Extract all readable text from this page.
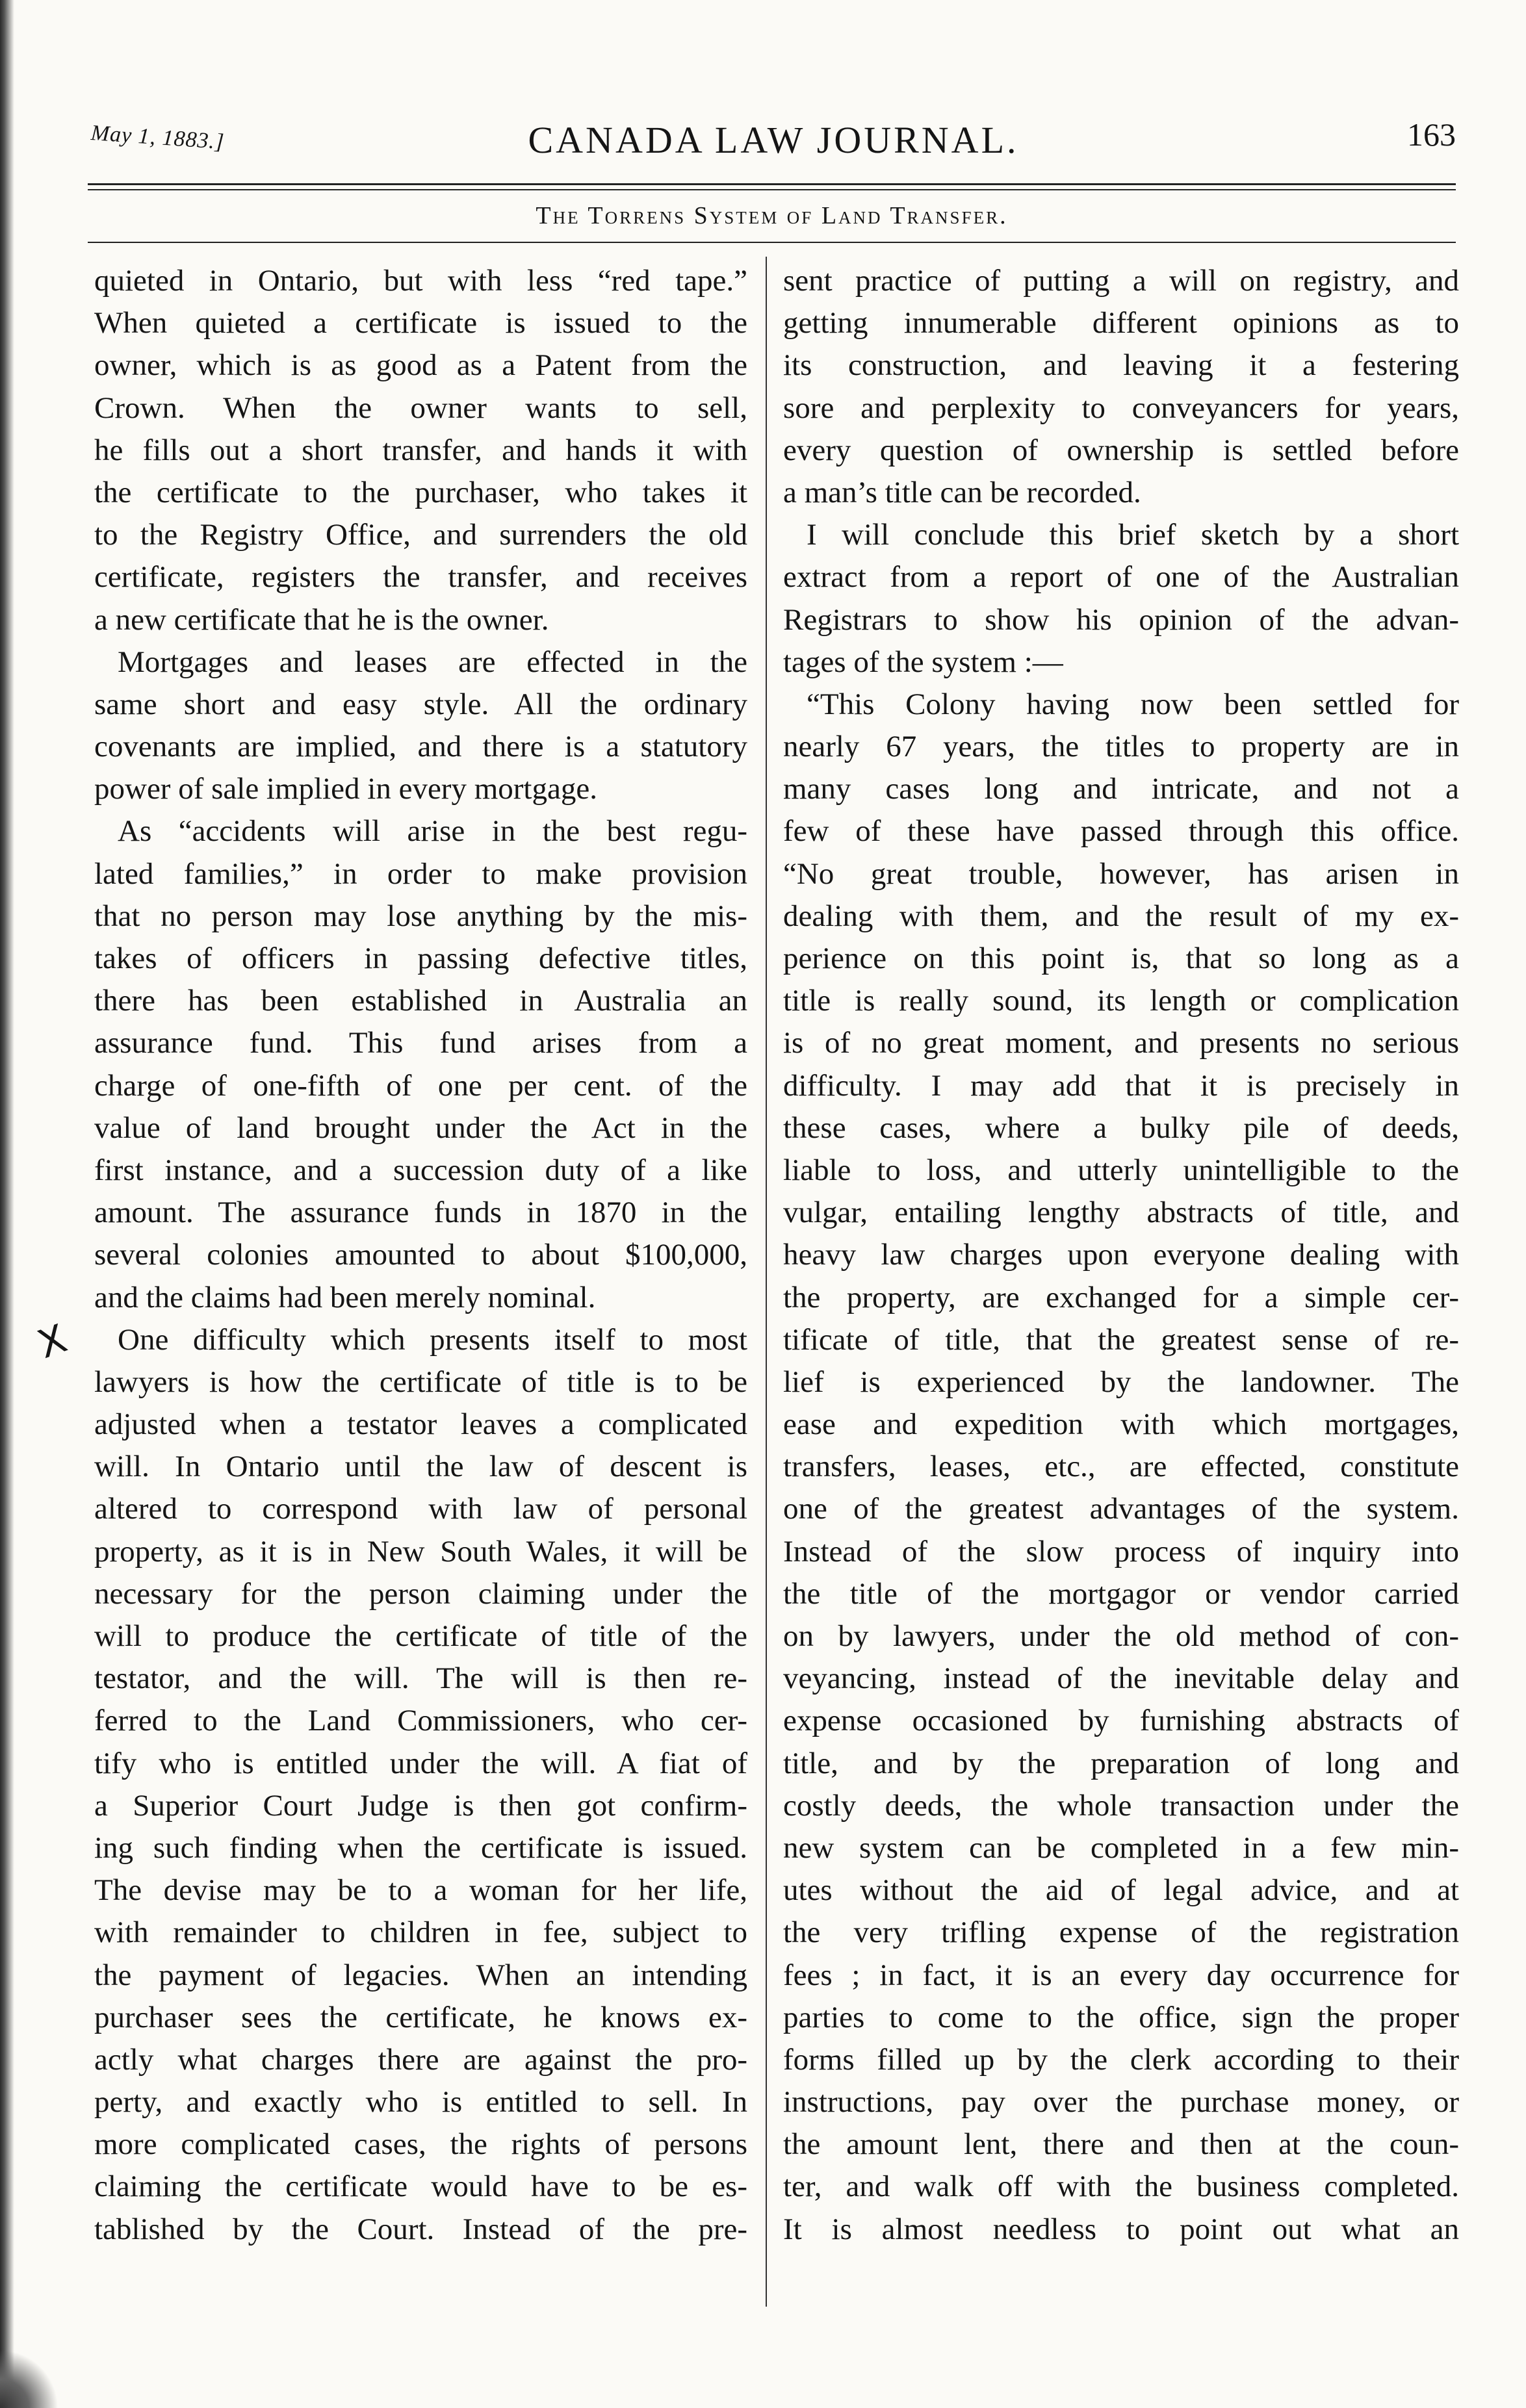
May 1, 1883.]	CANADA LAW JOURNAL.	163
The Torrens System of Land Transfer.
X
quieted in Ontario, but with less “red tape.”
When quieted a certificate is issued to the
owner, which is as good as a Patent from the
Crown. When the owner wants to sell,
he fills out a short transfer, and hands it with
the certificate to the purchaser, who takes it
to the Registry Office, and surrenders the old
certificate, registers the transfer, and receives
a new certificate that he is the owner.
Mortgages and leases are effected in the
same short and easy style. All the ordinary
covenants are implied, and there is a statutory
power of sale implied in every mortgage.
As “accidents will arise in the best regu-
lated families,” in order to make provision
that no person may lose anything by the mis-
takes of officers in passing defective titles,
there has been established in Australia an
assurance fund. This fund arises from a
charge of one-fifth of one per cent. of the
value of land brought under the Act in the
first instance, and a succession duty of a like
amount. The assurance funds in 1870 in the
several colonies amounted to about $100,000,
and the claims had been merely nominal.
One difficulty which presents itself to most
lawyers is how the certificate of title is to be
adjusted when a testator leaves a complicated
will. In Ontario until the law of descent is
altered to correspond with law of personal
property, as it is in New South Wales, it will be
necessary for the person claiming under the
will to produce the certificate of title of the
testator, and the will. The will is then re-
ferred to the Land Commissioners, who cer-
tify who is entitled under the will. A fiat of
a Superior Court Judge is then got confirm-
ing such finding when the certificate is issued.
The devise may be to a woman for her life,
with remainder to children in fee, subject to
the payment of legacies. When an intending
purchaser sees the certificate, he knows ex-
actly what charges there are against the pro-
perty, and exactly who is entitled to sell. In
more complicated cases, the rights of persons
claiming the certificate would have to be es-
tablished by the Court. Instead of the pre-
sent practice of putting a will on registry, and
getting innumerable different opinions as to
its construction, and leaving it a festering
sore and perplexity to conveyancers for years,
every question of ownership is settled before
a man’s title can be recorded.
I will conclude this brief sketch by a short
extract from a report of one of the Australian
Registrars to show his opinion of the advan-
tages of the system :—
“This Colony having now been settled for
nearly 67 years, the titles to property are in
many cases long and intricate, and not a
few of these have passed through this office.
“No great trouble, however, has arisen in
dealing with them, and the result of my ex-
perience on this point is, that so long as a
title is really sound, its length or complication
is of no great moment, and presents no serious
difficulty. I may add that it is precisely in
these cases, where a bulky pile of deeds,
liable to loss, and utterly unintelligible to the
vulgar, entailing lengthy abstracts of title, and
heavy law charges upon everyone dealing with
the property, are exchanged for a simple cer-
tificate of title, that the greatest sense of re-
lief is experienced by the landowner. The
ease and expedition with which mortgages,
transfers, leases, etc., are effected, constitute
one of the greatest advantages of the system.
Instead of the slow process of inquiry into
the title of the mortgagor or vendor carried
on by lawyers, under the old method of con-
veyancing, instead of the inevitable delay and
expense occasioned by furnishing abstracts of
title, and by the preparation of long and
costly deeds, the whole transaction under the
new system can be completed in a few min-
utes without the aid of legal advice, and at
the very trifling expense of the registration
fees ; in fact, it is an every day occurrence for
parties to come to the office, sign the proper
forms filled up by the clerk according to their
instructions, pay over the purchase money, or
the amount lent, there and then at the coun-
ter, and walk off with the business completed.
It is almost needless to point out what an
